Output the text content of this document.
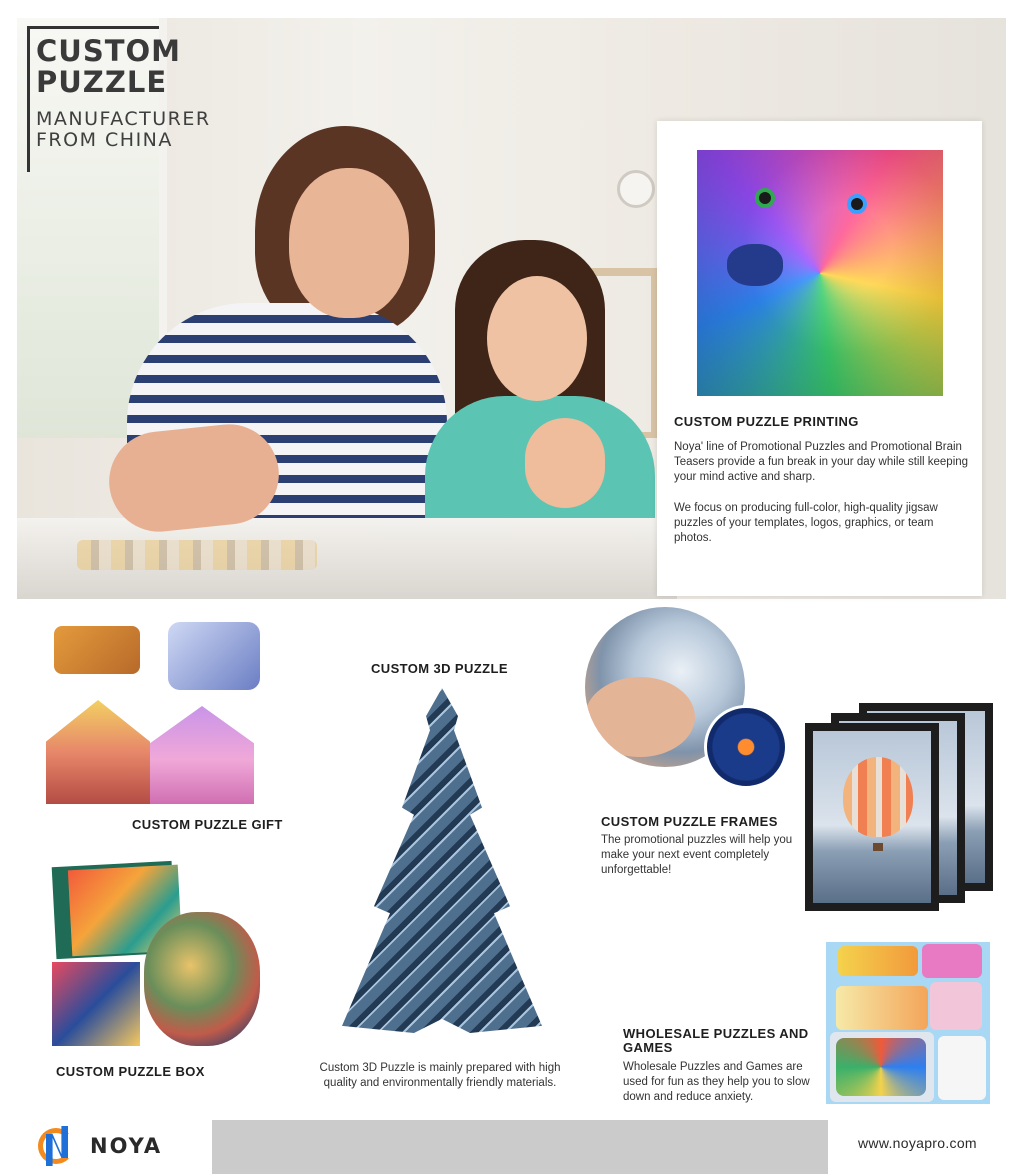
CUSTOM PUZZLE
MANUFACTURER FROM CHINA
CUSTOM PUZZLE PRINTING

Noya' line of Promotional Puzzles and Promotional Brain Teasers provide a fun break in your day while still keeping your mind active and sharp.

We focus on producing full-color, high-quality jigsaw puzzles of your templates, logos, graphics, or team photos.

CUSTOM PUZZLE GIFT
CUSTOM PUZZLE BOX
CUSTOM 3D PUZZLE
Custom 3D Puzzle is mainly prepared with high quality and environmentally friendly materials.
CUSTOM PUZZLE FRAMES
The promotional puzzles will help you make your next event completely unforgettable!
WHOLESALE PUZZLES AND GAMES
Wholesale Puzzles and Games are used for fun as they help you to slow down and reduce anxiety.
NOYA	www.noyapro.com
